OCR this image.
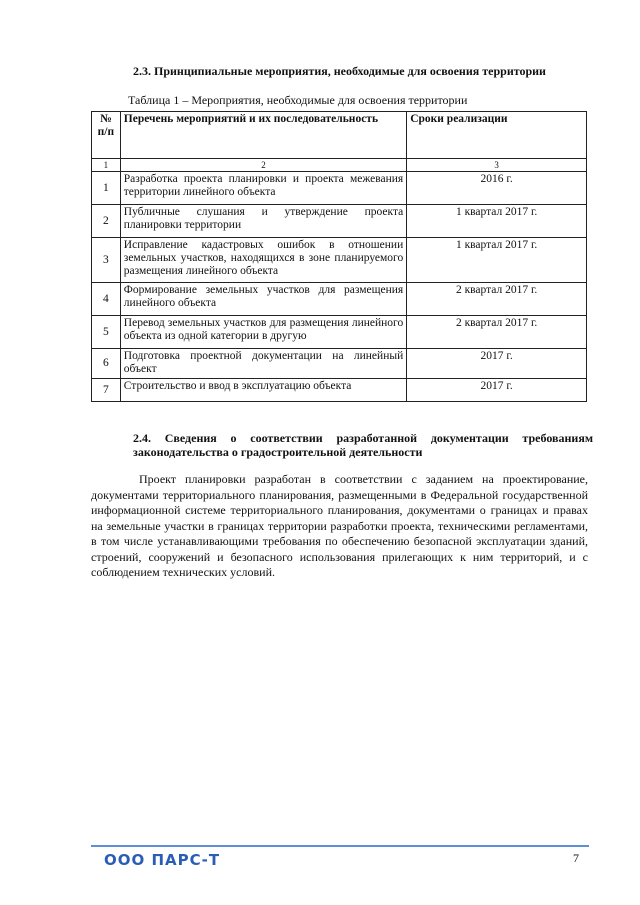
2.3. Принципиальные мероприятия, необходимые для освоения территории
Таблица 1 – Мероприятия, необходимые для освоения территории
№ п/п	Перечень мероприятий и их последовательность	Сроки реализации
1	2	3
1	Разработка проекта планировки и проекта межевания территории линейного объекта	2016 г.
2	Публичные слушания и утверждение проекта планировки территории	1 квартал 2017 г.
3	Исправление кадастровых ошибок в отношении земельных участков, находящихся в зоне планируемого размещения линейного объекта	1 квартал 2017 г.
4	Формирование земельных участков для размещения линейного объекта	2 квартал 2017 г.
5	Перевод земельных участков для размещения линейного объекта из одной категории в другую	2 квартал 2017 г.
6	Подготовка проектной документации на линейный объект	2017 г.
7	Строительство и ввод в эксплуатацию объекта	2017 г.
2.4. Сведения о соответствии разработанной документации требованиям
законодательства о градостроительной деятельности
Проект планировки разработан в соответствии с заданием на проектирование, документами территориального планирования, размещенными в Федеральной государственной информационной системе территориального планирования, документами о границах и правах на земельные участки в границах территории разработки проекта, техническими регламентами, в том числе устанавливающими требования по обеспечению безопасной эксплуатации зданий, строений, сооружений и безопасного использования прилегающих к ним территорий, и с соблюдением технических условий.
ООО ПАРС-Т	7
